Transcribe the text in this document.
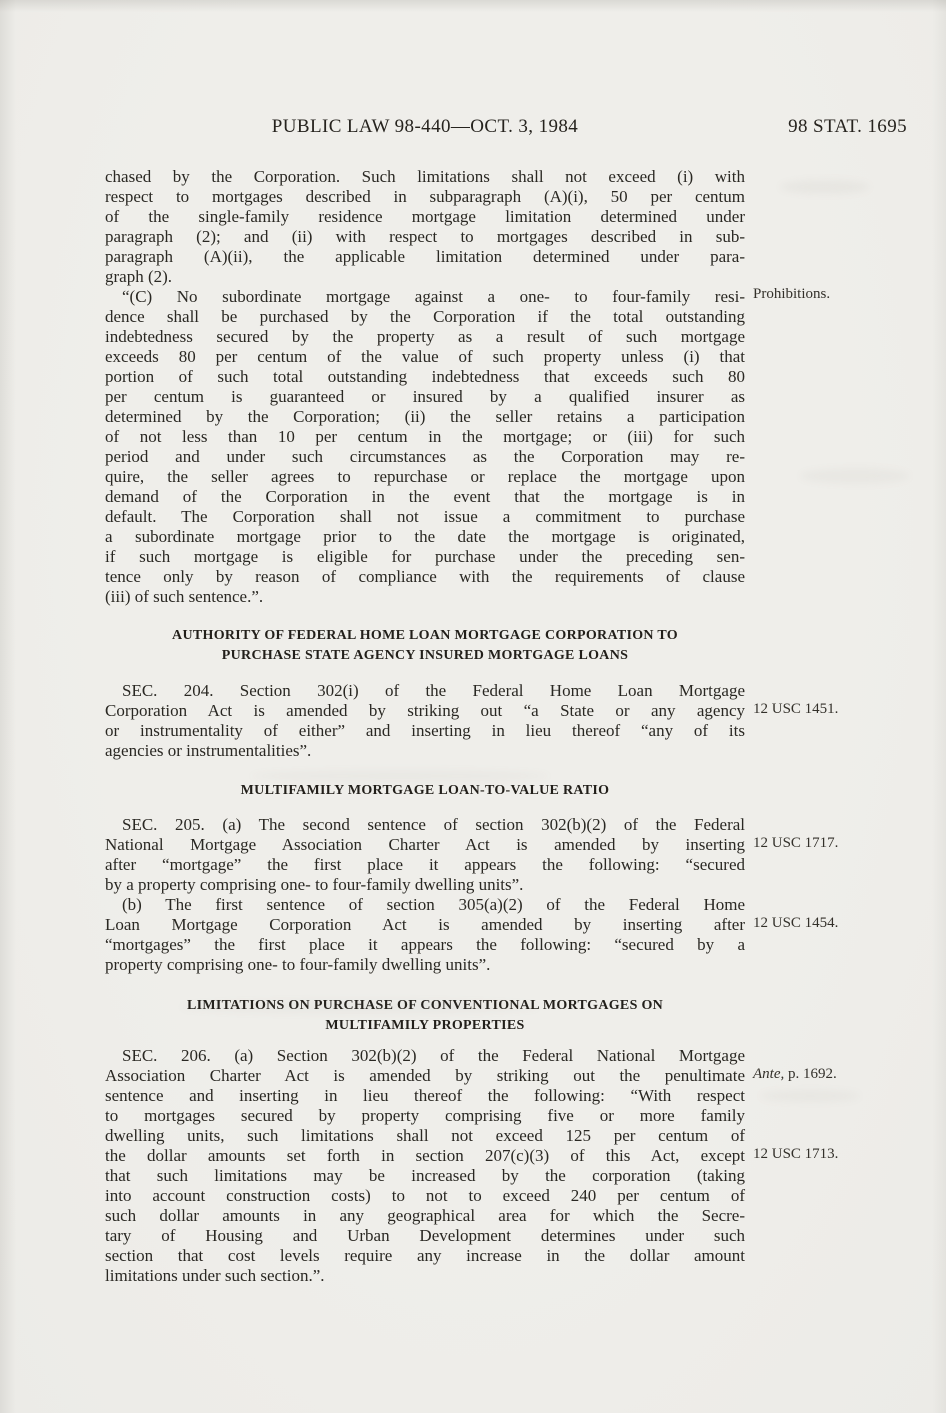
PUBLIC LAW 98-440—OCT. 3, 1984	98 STAT. 1695
chased by the Corporation. Such limitations shall not exceed (i) with
respect to mortgages described in subparagraph (A)(i), 50 per centum
of the single-family residence mortgage limitation determined under
paragraph (2); and (ii) with respect to mortgages described in sub-
paragraph (A)(ii), the applicable limitation determined under para-
graph (2).
“(C) No subordinate mortgage against a one- to four-family resi-
dence shall be purchased by the Corporation if the total outstanding
indebtedness secured by the property as a result of such mortgage
exceeds 80 per centum of the value of such property unless (i) that
portion of such total outstanding indebtedness that exceeds such 80
per centum is guaranteed or insured by a qualified insurer as
determined by the Corporation; (ii) the seller retains a participation
of not less than 10 per centum in the mortgage; or (iii) for such
period and under such circumstances as the Corporation may re-
quire, the seller agrees to repurchase or replace the mortgage upon
demand of the Corporation in the event that the mortgage is in
default. The Corporation shall not issue a commitment to purchase
a subordinate mortgage prior to the date the mortgage is originated,
if such mortgage is eligible for purchase under the preceding sen-
tence only by reason of compliance with the requirements of clause
(iii) of such sentence.”.
AUTHORITY OF FEDERAL HOME LOAN MORTGAGE CORPORATION TO
PURCHASE STATE AGENCY INSURED MORTGAGE LOANS
SEC. 204. Section 302(i) of the Federal Home Loan Mortgage
Corporation Act is amended by striking out “a State or any agency
or instrumentality of either” and inserting in lieu thereof “any of its
agencies or instrumentalities”.
MULTIFAMILY MORTGAGE LOAN-TO-VALUE RATIO
SEC. 205. (a) The second sentence of section 302(b)(2) of the Federal
National Mortgage Association Charter Act is amended by inserting
after “mortgage” the first place it appears the following: “secured
by a property comprising one- to four-family dwelling units”.
(b) The first sentence of section 305(a)(2) of the Federal Home
Loan Mortgage Corporation Act is amended by inserting after
“mortgages” the first place it appears the following: “secured by a
property comprising one- to four-family dwelling units”.
LIMITATIONS ON PURCHASE OF CONVENTIONAL MORTGAGES ON
MULTIFAMILY PROPERTIES
SEC. 206. (a) Section 302(b)(2) of the Federal National Mortgage
Association Charter Act is amended by striking out the penultimate
sentence and inserting in lieu thereof the following: “With respect
to mortgages secured by property comprising five or more family
dwelling units, such limitations shall not exceed 125 per centum of
the dollar amounts set forth in section 207(c)(3) of this Act, except
that such limitations may be increased by the corporation (taking
into account construction costs) to not to exceed 240 per centum of
such dollar amounts in any geographical area for which the Secre-
tary of Housing and Urban Development determines under such
section that cost levels require any increase in the dollar amount
limitations under such section.”.
Prohibitions.
12 USC 1451.
12 USC 1717.
12 USC 1454.
Ante, p. 1692.
12 USC 1713.
